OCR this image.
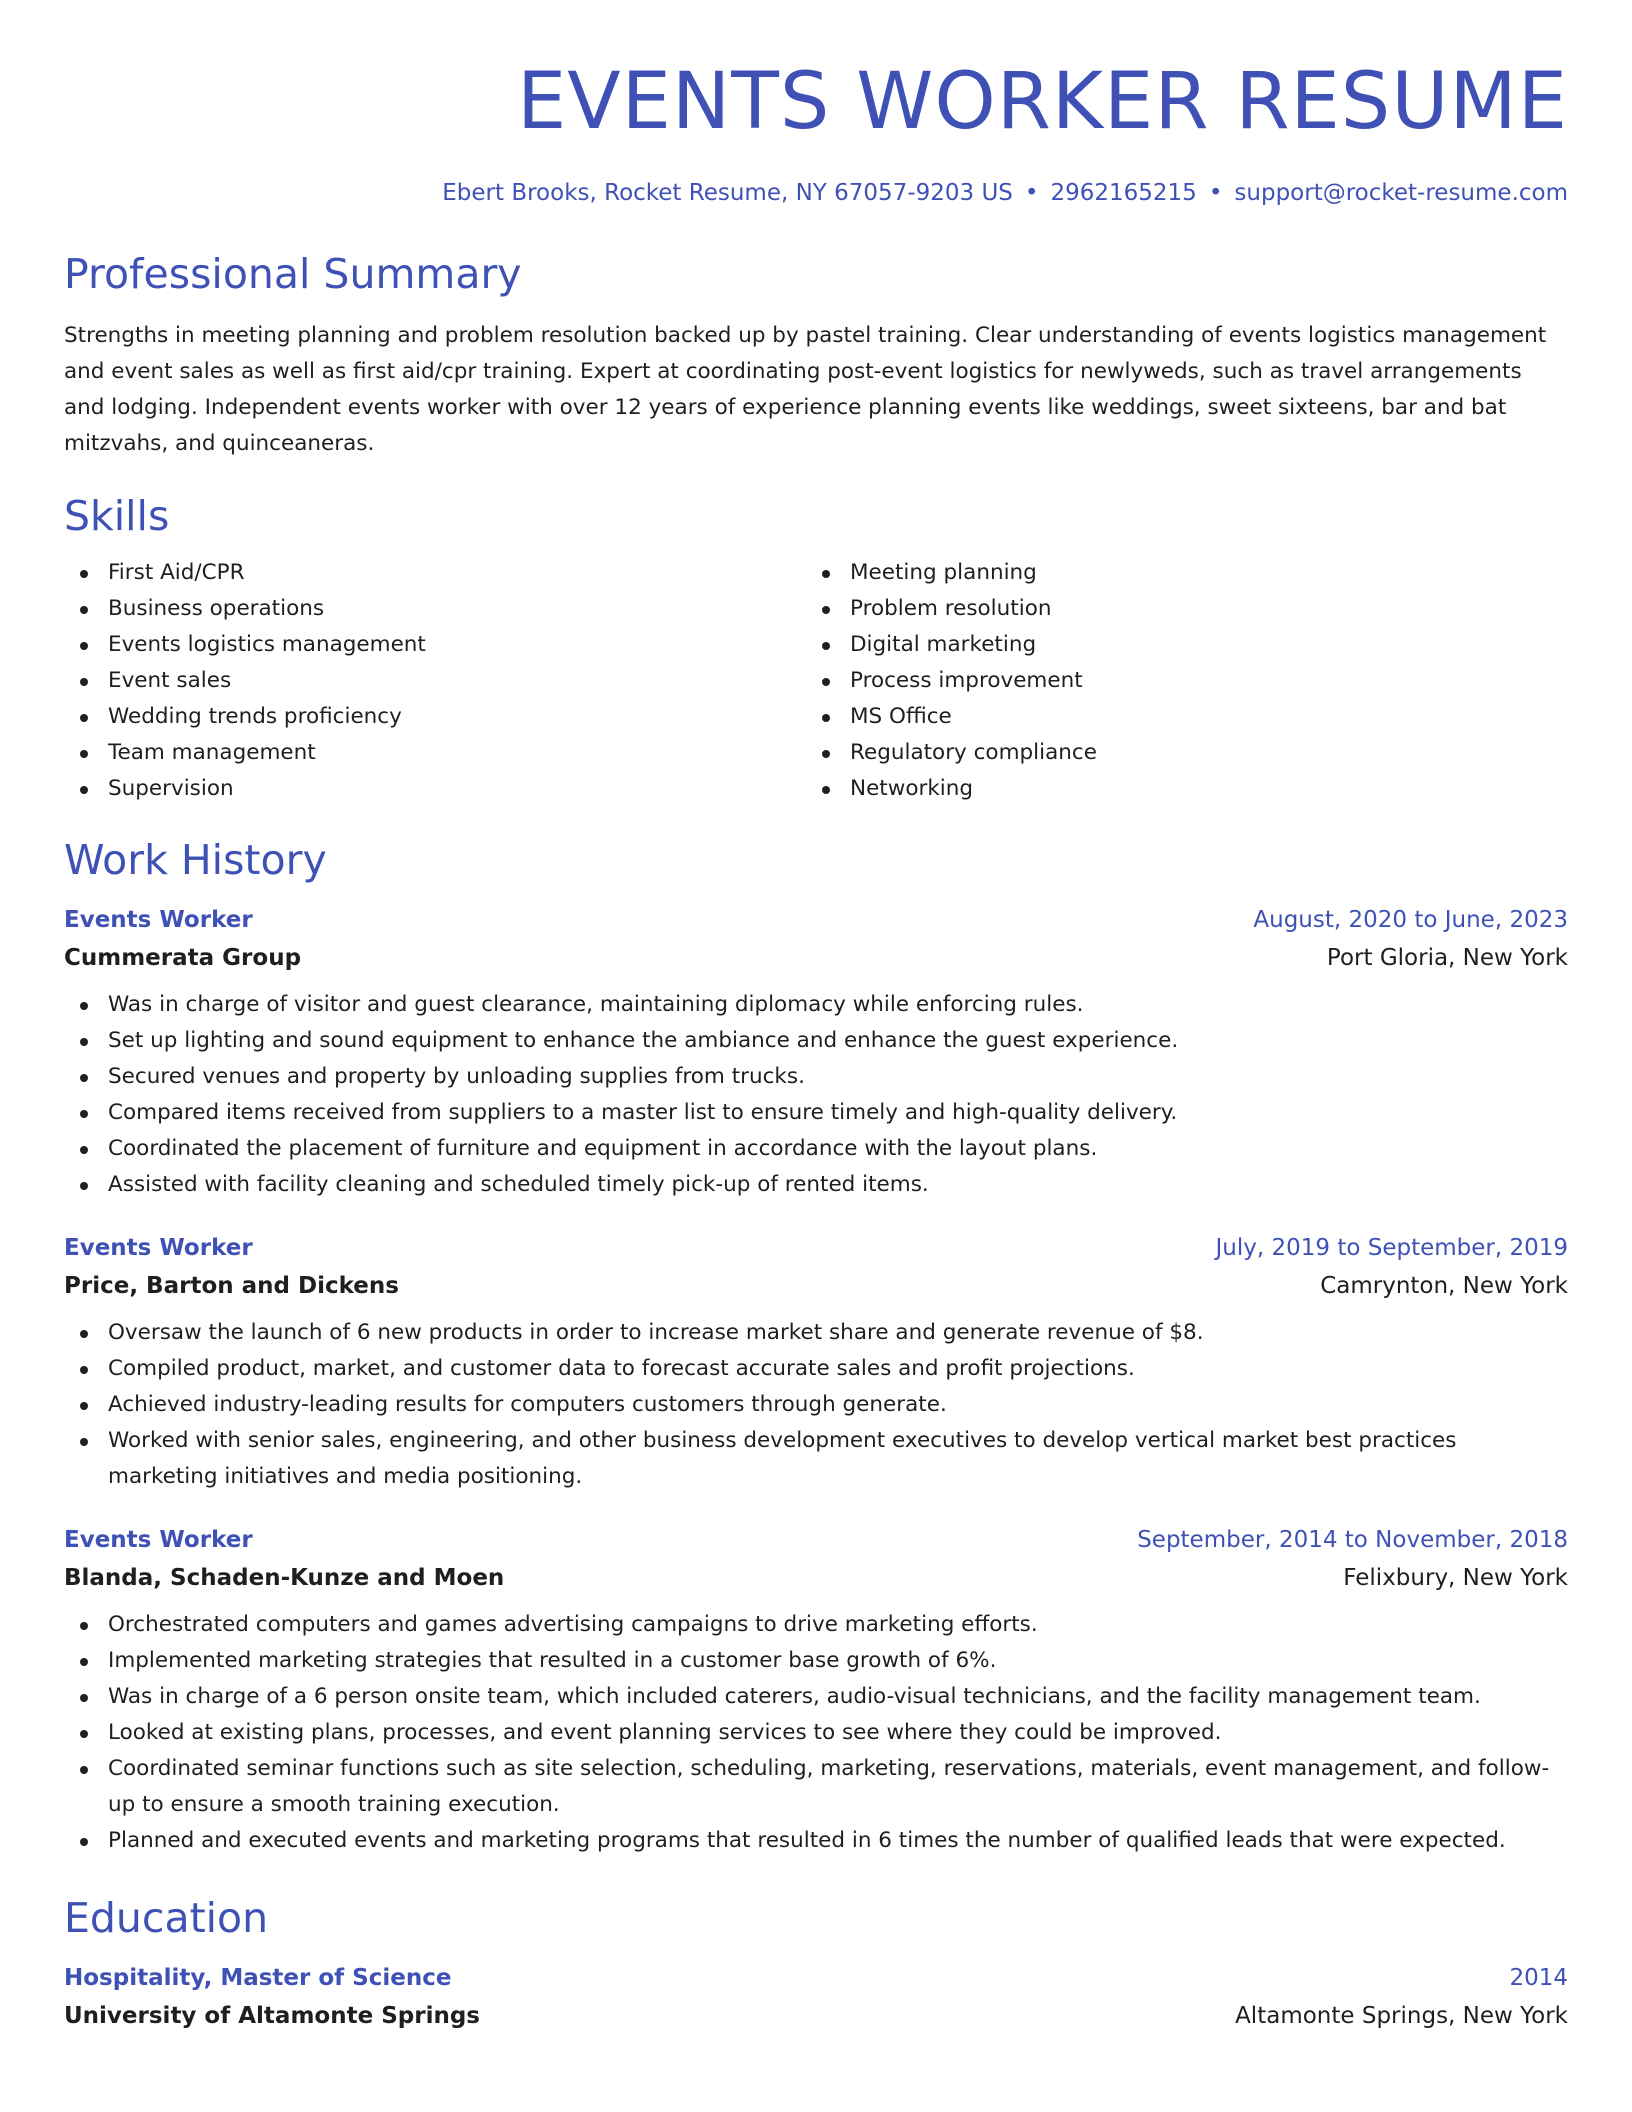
EVENTS WORKER RESUME
Ebert Brooks, Rocket Resume, NY 67057-9203 US • 2962165215 • support@rocket-resume.com
Professional Summary

Strengths in meeting planning and problem resolution backed up by pastel training. Clear understanding of events logistics management and event sales as well as first aid/cpr training. Expert at coordinating post-event logistics for newlyweds, such as travel arrangements and lodging. Independent events worker with over 12 years of experience planning events like weddings, sweet sixteens, bar and bat mitzvahs, and quinceaneras.

Skills
First Aid/CPR
Business operations
Events logistics management
Event sales
Wedding trends proficiency
Team management
Supervision
Meeting planning
Problem resolution
Digital marketing
Process improvement
MS Office
Regulatory compliance
Networking
Work History
Events Worker	August, 2020 to June, 2023
Cummerata Group	Port Gloria, New York
Was in charge of visitor and guest clearance, maintaining diplomacy while enforcing rules.
Set up lighting and sound equipment to enhance the ambiance and enhance the guest experience.
Secured venues and property by unloading supplies from trucks.
Compared items received from suppliers to a master list to ensure timely and high-quality delivery.
Coordinated the placement of furniture and equipment in accordance with the layout plans.
Assisted with facility cleaning and scheduled timely pick-up of rented items.
Events Worker	July, 2019 to September, 2019
Price, Barton and Dickens	Camrynton, New York
Oversaw the launch of 6 new products in order to increase market share and generate revenue of $8.
Compiled product, market, and customer data to forecast accurate sales and profit projections.
Achieved industry-leading results for computers customers through generate.
Worked with senior sales, engineering, and other business development executives to develop vertical market best practices marketing initiatives and media positioning.
Events Worker	September, 2014 to November, 2018
Blanda, Schaden-Kunze and Moen	Felixbury, New York
Orchestrated computers and games advertising campaigns to drive marketing efforts.
Implemented marketing strategies that resulted in a customer base growth of 6%.
Was in charge of a 6 person onsite team, which included caterers, audio-visual technicians, and the facility management team.
Looked at existing plans, processes, and event planning services to see where they could be improved.
Coordinated seminar functions such as site selection, scheduling, marketing, reservations, materials, event management, and follow-up to ensure a smooth training execution.
Planned and executed events and marketing programs that resulted in 6 times the number of qualified leads that were expected.
Education
Hospitality, Master of Science	2014
University of Altamonte Springs	Altamonte Springs, New York
